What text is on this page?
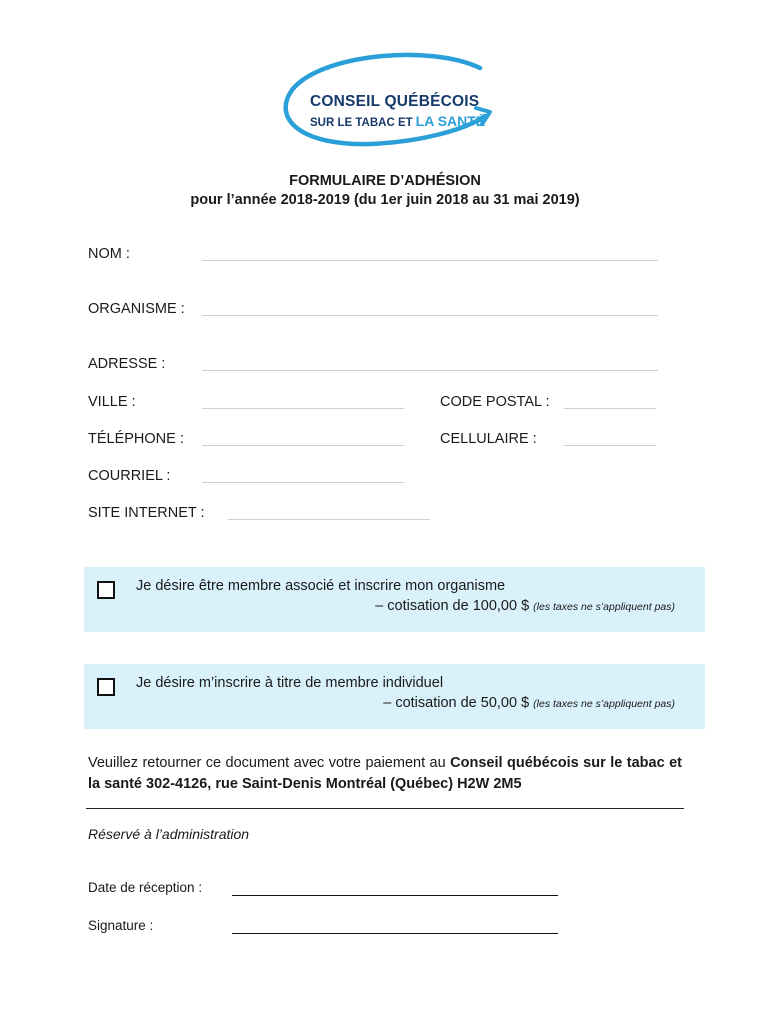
CONSEIL QUÉBÉCOIS
SUR LE TABAC ET LA SANTÉ
FORMULAIRE D’ADHÉSION
pour l’année 2018-2019 (du 1er juin 2018 au 31 mai 2019)
NOM :
ORGANISME :
ADRESSE :
VILLE :	CODE POSTAL :
TÉLÉPHONE :	CELLULAIRE :
COURRIEL :
SITE INTERNET :
Je désire être membre associé et inscrire mon organisme
– cotisation de 100,00 $ (les taxes ne s’appliquent pas)
Je désire m’inscrire à titre de membre individuel
– cotisation de 50,00 $ (les taxes ne s’appliquent pas)
Veuillez retourner ce document avec votre paiement au Conseil québécois sur le tabac et la santé 302-4126, rue Saint-Denis Montréal (Québec) H2W 2M5
Réservé à l’administration
Date de réception :
Signature :
